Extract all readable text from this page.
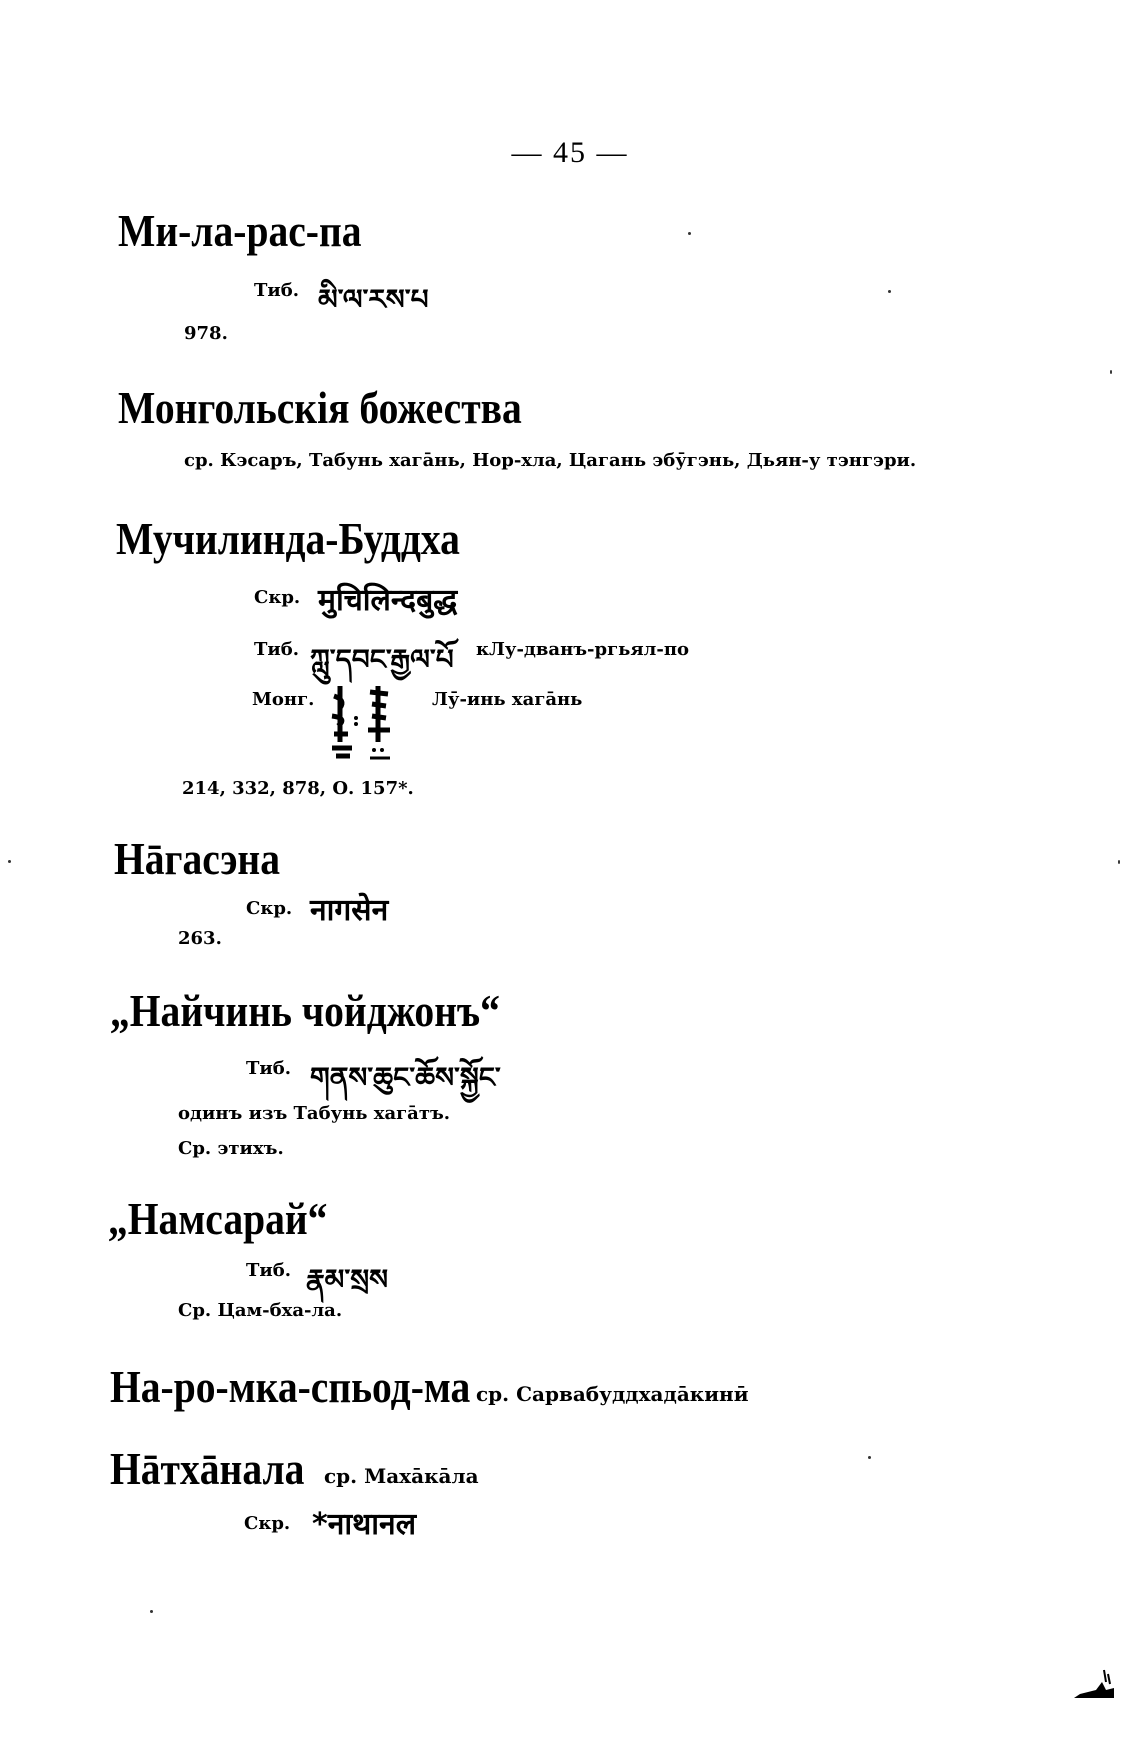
— 45 —
Ми-ла-рас-па
Тиб. མི་ལ་རས་པ
978.
Монгольскія божества
ср. Кэсаръ, Табунь хагāнь, Нор-хла, Цагань эбӯгэнь, Дьян-у тэнгэри.
Мучилинда-Буддха
Скр. मुचिलिन्दबुद्ध
Тиб. ཀླུ་དབང་རྒྱལ་པོ кЛу-дванъ-ргьял-по
Монг.	Лӯ-инь хагāнь
214, 332, 878, О. 157*.
Нāгасэна
Скр. नागसेन
263.
„Найчинь чойджонъ“
Тиб. གནས་ཆུང་ཆོས་སྐྱོང་
одинъ изъ Табунь хагāтъ.
Ср. этихъ.
„Намсарай“
Тиб. རྣམ་སྲས
Ср. Цам-бха-ла.
На-ро-мка-спьод-ма ср. Сарвабуддхадāкинӣ
Нāтхāнала ср. Махāкāла
Скр. *नाथानल
